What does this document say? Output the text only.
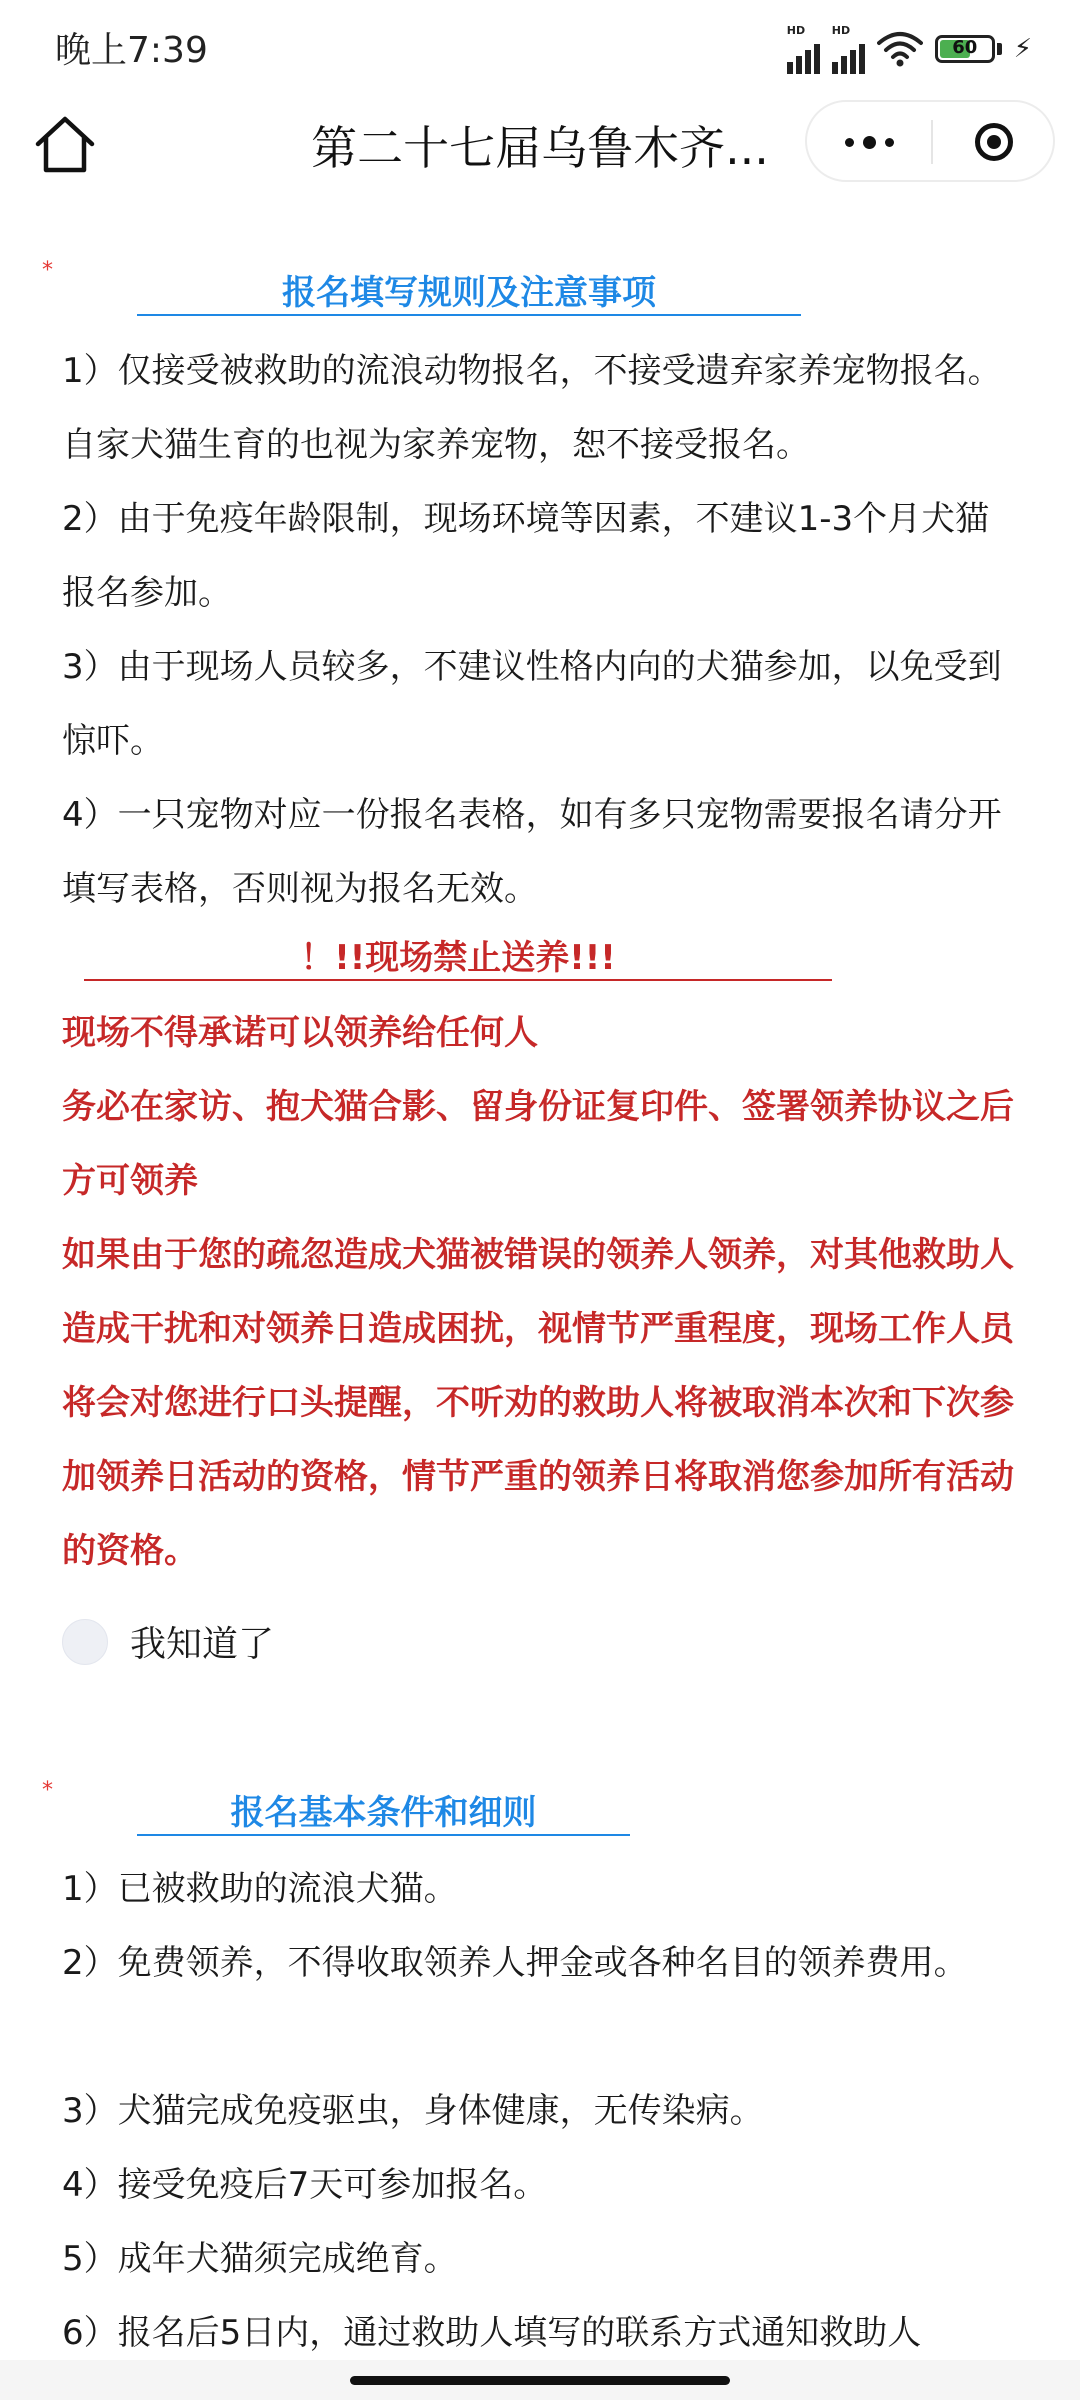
晚上7:39	HD HD
60	⚡
第二十七届乌鲁木齐...
*
报名填写规则及注意事项
1）仅接受被救助的流浪动物报名，不接受遗弃家养宠物报名。自家犬猫生育的也视为家养宠物，恕不接受报名。
2）由于免疫年龄限制，现场环境等因素，不建议1-3个月犬猫报名参加。
3）由于现场人员较多，不建议性格内向的犬猫参加，以免受到惊吓。
4）一只宠物对应一份报名表格，如有多只宠物需要报名请分开填写表格，否则视为报名无效。
！!!现场禁止送养!!!
现场不得承诺可以领养给任何人
务必在家访、抱犬猫合影、留身份证复印件、签署领养协议之后方可领养
如果由于您的疏忽造成犬猫被错误的领养人领养，对其他救助人造成干扰和对领养日造成困扰，视情节严重程度，现场工作人员将会对您进行口头提醒，不听劝的救助人将被取消本次和下次参加领养日活动的资格，情节严重的领养日将取消您参加所有活动的资格。
我知道了
*
报名基本条件和细则
1）已被救助的流浪犬猫。
2）免费领养，不得收取领养人押金或各种名目的领养费用。
3）犬猫完成免疫驱虫，身体健康，无传染病。
4）接受免疫后7天可参加报名。
5）成年犬猫须完成绝育。
6）报名后5日内，通过救助人填写的联系方式通知救助人
